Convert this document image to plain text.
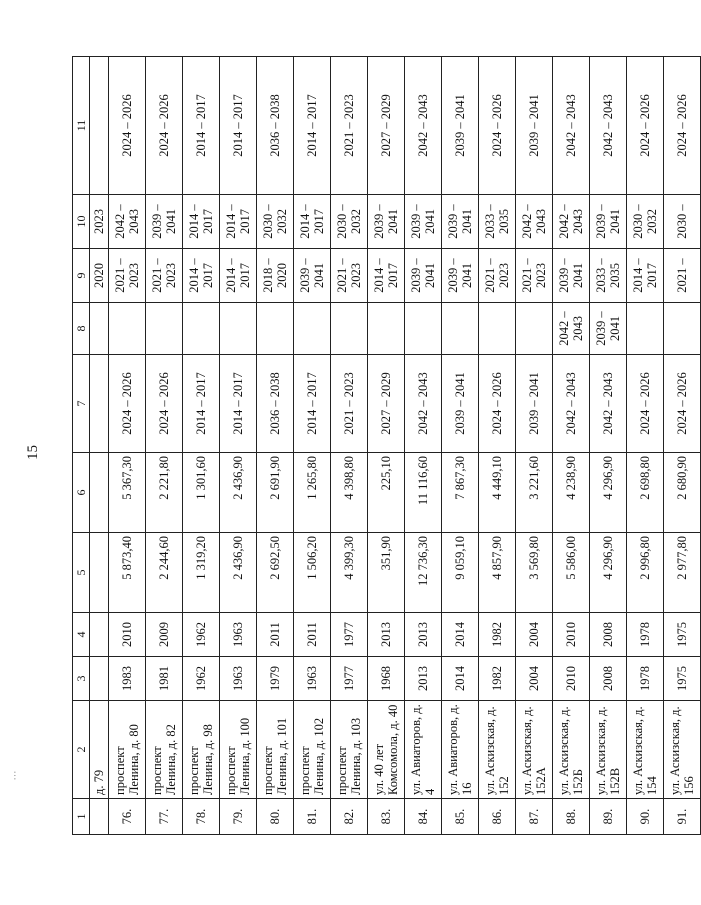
15
…
1	2	3	4	5	6	7	8	9	10	11
	д. 79							2020	2023	
76.	проспект Ленина, д. 80	1983	2010	5 873,40	5 367,30	2024 – 2026		2021 –2023	2042 –2043	2024 – 2026
77.	проспект Ленина, д. 82	1981	2009	2 244,60	2 221,80	2024 – 2026		2021 –2023	2039 –2041	2024 – 2026
78.	проспект Ленина, д. 98	1962	1962	1 319,20	1 301,60	2014 – 2017		2014 –2017	2014 –2017	2014 – 2017
79.	проспект Ленина, д. 100	1963	1963	2 436,90	2 436,90	2014 – 2017		2014 –2017	2014 –2017	2014 – 2017
80.	проспект Ленина, д. 101	1979	2011	2 692,50	2 691,90	2036 – 2038		2018 –2020	2030 –2032	2036 – 2038
81.	проспект Ленина, д. 102	1963	2011	1 506,20	1 265,80	2014 – 2017		2039 –2041	2014 –2017	2014 – 2017
82.	проспект Ленина, д. 103	1977	1977	4 399,30	4 398,80	2021 – 2023		2021 –2023	2030 –2032	2021 – 2023
83.	ул. 40 лет Комсомола, д. 40	1968	2013	351,90	225,10	2027 – 2029		2014 –2017	2039 –2041	2027 – 2029
84.	ул. Авиаторов, д. 4	2013	2013	12 736,30	11 116,60	2042 – 2043		2039 –2041	2039 –2041	2042 – 2043
85.	ул. Авиаторов, д. 16	2014	2014	9 059,10	7 867,30	2039 – 2041		2039 –2041	2039 –2041	2039 – 2041
86.	ул. Аскизская, д. 152	1982	1982	4 857,90	4 449,10	2024 – 2026		2021 –2023	2033 –2035	2024 – 2026
87.	ул. Аскизская, д. 152А	2004	2004	3 569,80	3 221,60	2039 – 2041		2021 –2023	2042 –2043	2039 – 2041
88.	ул. Аскизская, д. 152Б	2010	2010	5 586,00	4 238,90	2042 – 2043	2042 –2043	2039 –2041	2042 –2043	2042 – 2043
89.	ул. Аскизская, д. 152В	2008	2008	4 296,90	4 296,90	2042 – 2043	2039 –2041	2033 –2035	2039 –2041	2042 – 2043
90.	ул. Аскизская, д. 154	1978	1978	2 996,80	2 698,80	2024 – 2026		2014 –2017	2030 –2032	2024 – 2026
91.	ул. Аскизская, д. 156	1975	1975	2 977,80	2 680,90	2024 – 2026		2021 –	2030 –	2024 – 2026
